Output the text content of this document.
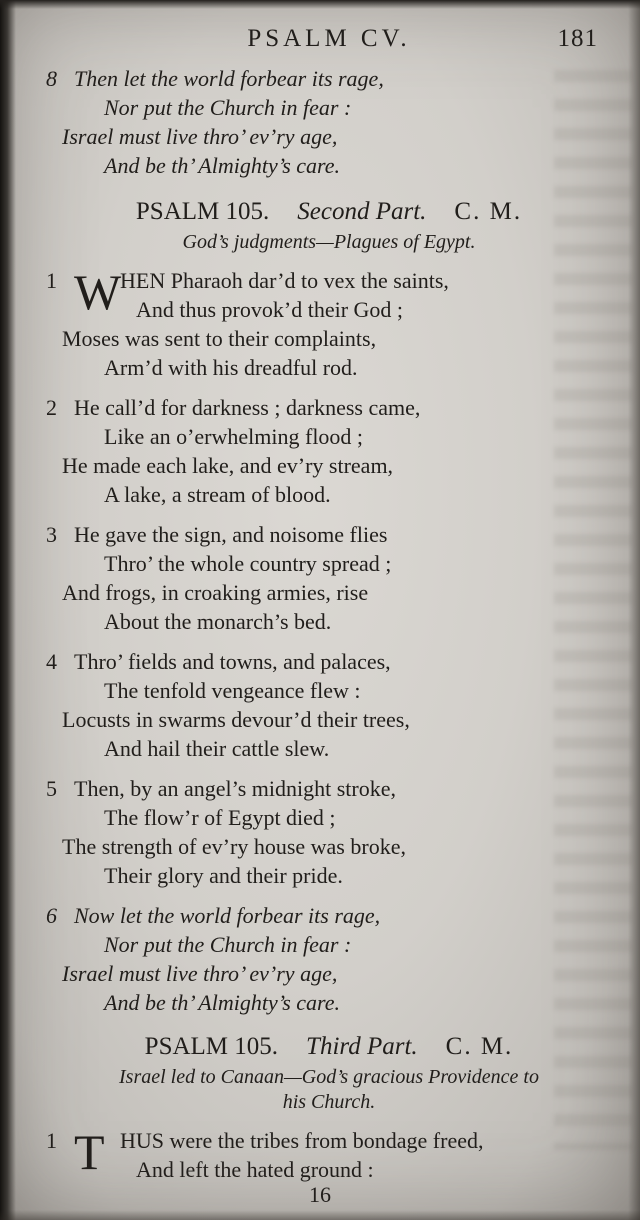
PSALM CV.	181
8 Then let the world forbear its rage,
Nor put the Church in fear :
Israel must live thro’ ev’ry age,
And be th’ Almighty’s care.
PSALM 105. Second Part. C. M.
God’s judgments—Plagues of Egypt.
1 W
HEN Pharaoh dar’d to vex the saints,
And thus provok’d their God ;
Moses was sent to their complaints,
Arm’d with his dreadful rod.
2 He call’d for darkness ; darkness came,
Like an o’erwhelming flood ;
He made each lake, and ev’ry stream,
A lake, a stream of blood.
3 He gave the sign, and noisome flies
Thro’ the whole country spread ;
And frogs, in croaking armies, rise
About the monarch’s bed.
4 Thro’ fields and towns, and palaces,
The tenfold vengeance flew :
Locusts in swarms devour’d their trees,
And hail their cattle slew.
5 Then, by an angel’s midnight stroke,
The flow’r of Egypt died ;
The strength of ev’ry house was broke,
Their glory and their pride.
6 Now let the world forbear its rage,
Nor put the Church in fear :
Israel must live thro’ ev’ry age,
And be th’ Almighty’s care.
PSALM 105. Third Part. C. M.
Israel led to Canaan—God’s gracious Providence to
his Church.
1 T HUS were the tribes from bondage freed,
And left the hated ground :
16
